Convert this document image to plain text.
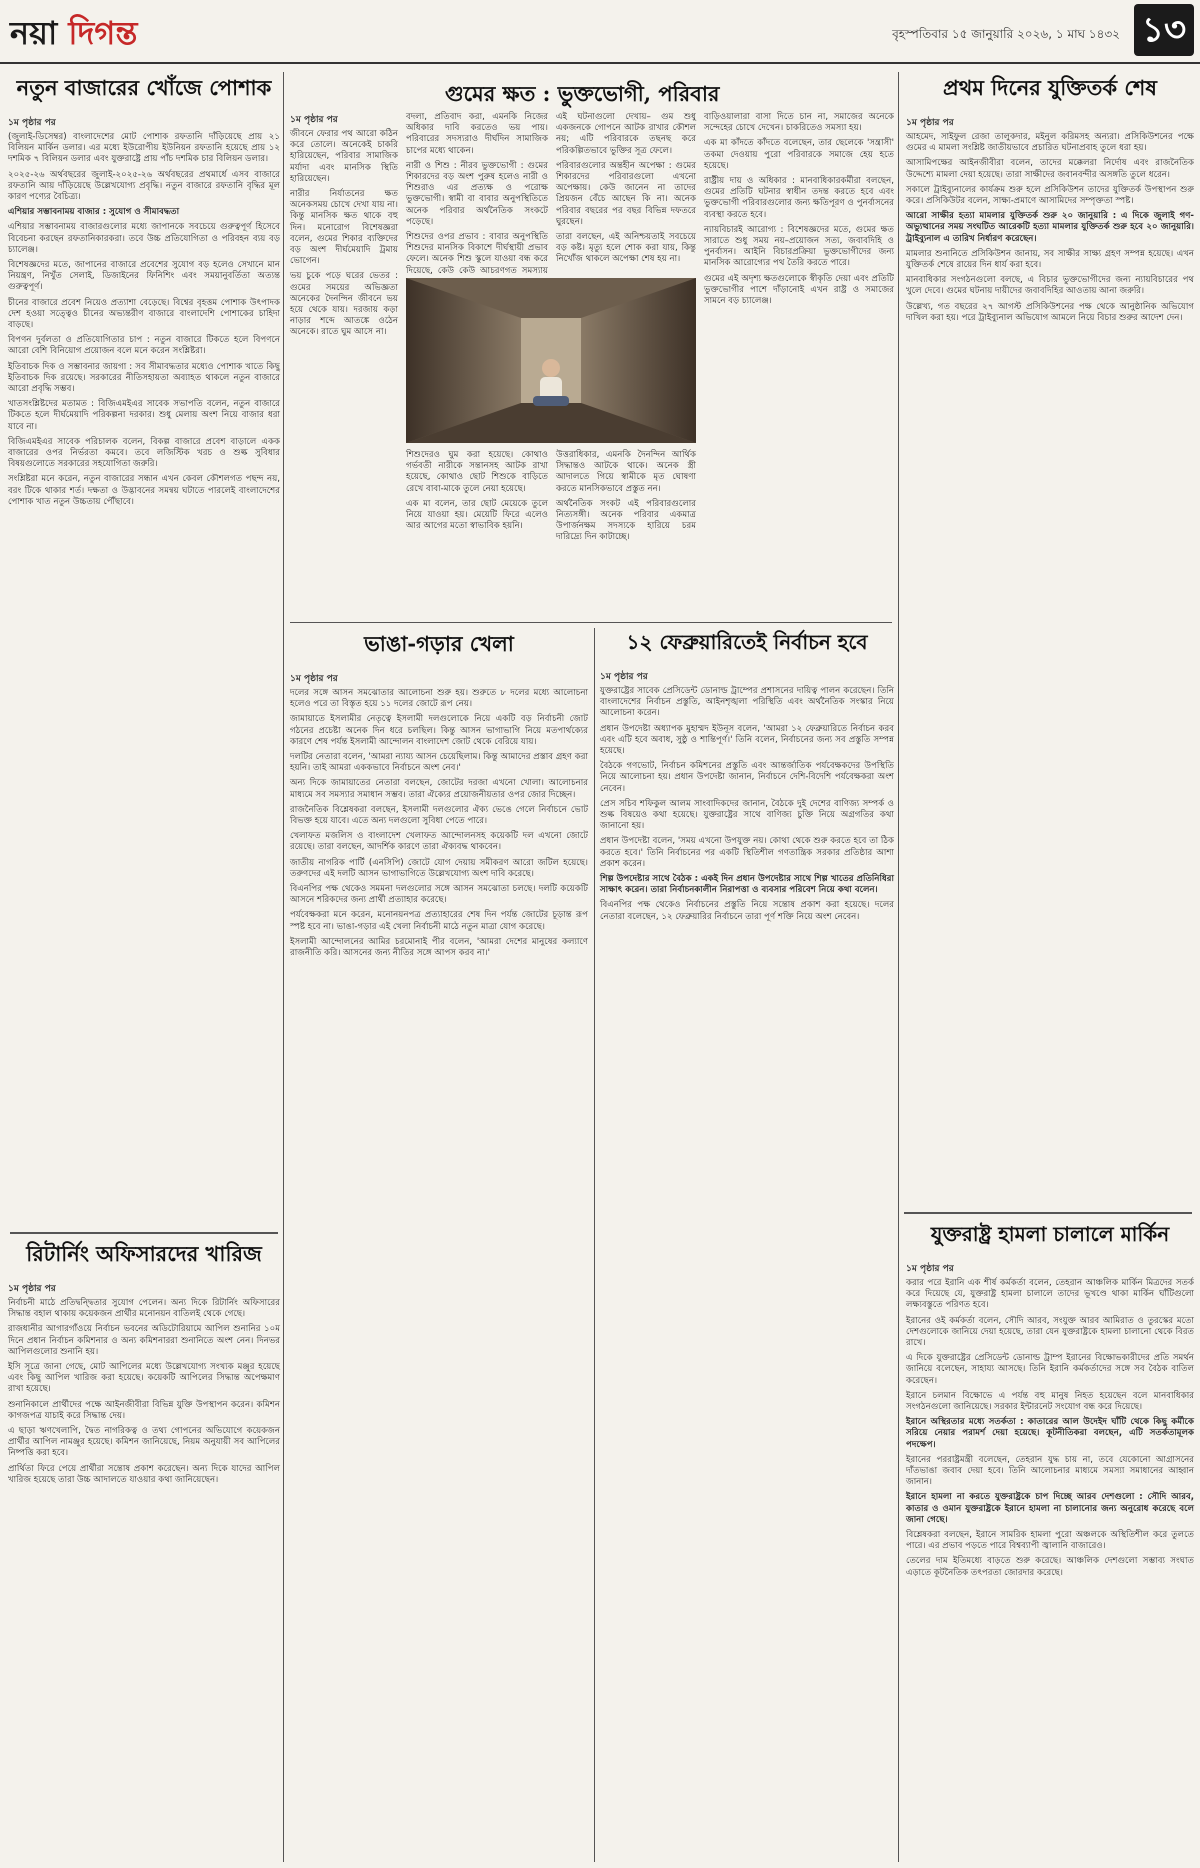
নয়া দিগন্ত	বৃহস্পতিবার ১৫ জানুয়ারি ২০২৬, ১ মাঘ ১৪৩২ ১৩
নতুন বাজারের খোঁজে পোশাক
১ম পৃষ্ঠার পর

(জুলাই-ডিসেম্বর) বাংলাদেশের মোট পোশাক রফতানি দাঁড়িয়েছে প্রায় ২১ বিলিয়ন মার্কিন ডলার। এর মধ্যে ইউরোপীয় ইউনিয়ন রফতানি হয়েছে প্রায় ১২ দশমিক ৭ বিলিয়ন ডলার এবং যুক্তরাষ্ট্রে প্রায় পাঁচ দশমিক চার বিলিয়ন ডলার।

২০২৫-২৬ অর্থবছরের জুলাই-২০২৫-২৬ অর্থবছরের প্রথমার্ধে এসব বাজারে রফতানি আয় দাঁড়িয়েছে উল্লেখযোগ্য প্রবৃদ্ধি। নতুন বাজারে রফতানি বৃদ্ধির মূল কারণ পণ্যের বৈচিত্র্য।

এশিয়ার সম্ভাবনাময় বাজার : সুযোগ ও সীমাবদ্ধতা

এশিয়ার সম্ভাবনাময় বাজারগুলোর মধ্যে জাপানকে সবচেয়ে গুরুত্বপূর্ণ হিসেবে বিবেচনা করছেন রফতানিকারকরা। তবে উচ্চ প্রতিযোগিতা ও পরিবহন ব্যয় বড় চ্যালেঞ্জ।

বিশেষজ্ঞদের মতে, জাপানের বাজারে প্রবেশের সুযোগ বড় হলেও সেখানে মান নিয়ন্ত্রণ, নিখুঁত সেলাই, ডিজাইনের ফিনিশিং এবং সময়ানুবর্তিতা অত্যন্ত গুরুত্বপূর্ণ।

চীনের বাজারে প্রবেশ নিয়েও প্রত্যাশা বেড়েছে। বিশ্বের বৃহত্তম পোশাক উৎপাদক দেশ হওয়া সত্ত্বেও চীনের অভ্যন্তরীণ বাজারে বাংলাদেশি পোশাকের চাহিদা বাড়ছে।

বিপণন দুর্বলতা ও প্রতিযোগিতার চাপ : নতুন বাজারে টিকতে হলে বিপণনে আরো বেশি বিনিয়োগ প্রয়োজন বলে মনে করেন সংশ্লিষ্টরা।

ইতিবাচক দিক ও সম্ভাবনার জায়গা : সব সীমাবদ্ধতার মধ্যেও পোশাক খাতে কিছু ইতিবাচক দিক রয়েছে। সরকারের নীতিসহায়তা অব্যাহত থাকলে নতুন বাজারে আরো প্রবৃদ্ধি সম্ভব।

খাতসংশ্লিষ্টদের মতামত : বিজিএমইএর সাবেক সভাপতি বলেন, নতুন বাজারে টিকতে হলে দীর্ঘমেয়াদি পরিকল্পনা দরকার। শুধু মেলায় অংশ নিয়ে বাজার ধরা যাবে না।

বিজিএমইএর সাবেক পরিচালক বলেন, বিকল্প বাজারে প্রবেশ বাড়ালে একক বাজারের ওপর নির্ভরতা কমবে। তবে লজিস্টিক খরচ ও শুল্ক সুবিধার বিষয়গুলোতে সরকারের সহযোগিতা জরুরি।

সংশ্লিষ্টরা মনে করেন, নতুন বাজারের সন্ধান এখন কেবল কৌশলগত পছন্দ নয়, বরং টিকে থাকার শর্ত। দক্ষতা ও উদ্ভাবনের সমন্বয় ঘটাতে পারলেই বাংলাদেশের পোশাক খাত নতুন উচ্চতায় পৌঁছাবে।

রিটার্নিং অফিসারদের খারিজ
১ম পৃষ্ঠার পর

নির্বাচনী মাঠে প্রতিদ্বন্দ্বিতার সুযোগ পেলেন। অন্য দিকে রিটার্নিং অফিসারের সিদ্ধান্ত বহাল থাকায় কয়েকজন প্রার্থীর মনোনয়ন বাতিলই থেকে গেছে।

রাজধানীর আগারগাঁওয়ে নির্বাচন ভবনের অডিটোরিয়ামে আপিল শুনানির ১০ম দিনে প্রধান নির্বাচন কমিশনার ও অন্য কমিশনাররা শুনানিতে অংশ নেন। দিনভর আপিলগুলোর শুনানি হয়।

ইসি সূত্রে জানা গেছে, মোট আপিলের মধ্যে উল্লেখযোগ্য সংখ্যক মঞ্জুর হয়েছে এবং কিছু আপিল খারিজ করা হয়েছে। কয়েকটি আপিলের সিদ্ধান্ত অপেক্ষমাণ রাখা হয়েছে।

শুনানিকালে প্রার্থীদের পক্ষে আইনজীবীরা বিভিন্ন যুক্তি উপস্থাপন করেন। কমিশন কাগজপত্র যাচাই করে সিদ্ধান্ত দেয়।

এ ছাড়া ঋণখেলাপি, দ্বৈত নাগরিকত্ব ও তথ্য গোপনের অভিযোগে কয়েকজন প্রার্থীর আপিল নামঞ্জুর হয়েছে। কমিশন জানিয়েছে, নিয়ম অনুযায়ী সব আপিলের নিষ্পত্তি করা হবে।

প্রার্থিতা ফিরে পেয়ে প্রার্থীরা সন্তোষ প্রকাশ করেছেন। অন্য দিকে যাদের আপিল খারিজ হয়েছে তারা উচ্চ আদালতে যাওয়ার কথা জানিয়েছেন।

গুমের ক্ষত : ভুক্তভোগী, পরিবার
১ম পৃষ্ঠার পর

জীবনে ফেরার পথ আরো কঠিন করে তোলে। অনেকেই চাকরি হারিয়েছেন, পরিবার সামাজিক মর্যাদা এবং মানসিক স্থিতি হারিয়েছেন।

নারীর নির্যাতনের ক্ষত অনেকসময় চোখে দেখা যায় না। কিন্তু মানসিক ক্ষত থাকে বহু দিন। মনোরোগ বিশেষজ্ঞরা বলেন, গুমের শিকার ব্যক্তিদের বড় অংশ দীর্ঘমেয়াদি ট্রমায় ভোগেন।

ভয় চুকে পড়ে ঘরের ভেতর : গুমের সময়ের অভিজ্ঞতা অনেকের দৈনন্দিন জীবনে ভয় হয়ে থেকে যায়। দরজায় কড়া নাড়ার শব্দে আতঙ্কে ওঠেন অনেকে। রাতে ঘুম আসে না।

বদলা, প্রতিবাদ করা, এমনকি নিজের অধিকার দাবি করতেও ভয় পায়। পরিবারের সদস্যরাও দীর্ঘদিন সামাজিক চাপের মধ্যে থাকেন।

নারী ও শিশু : নীরব ভুক্তভোগী : গুমের শিকারদের বড় অংশ পুরুষ হলেও নারী ও শিশুরাও এর প্রত্যক্ষ ও পরোক্ষ ভুক্তভোগী। স্বামী বা বাবার অনুপস্থিতিতে অনেক পরিবার অর্থনৈতিক সংকটে পড়েছে।

শিশুদের ওপর প্রভাব : বাবার অনুপস্থিতি শিশুদের মানসিক বিকাশে দীর্ঘস্থায়ী প্রভাব ফেলে। অনেক শিশু স্কুলে যাওয়া বন্ধ করে দিয়েছে, কেউ কেউ আচরণগত সমস্যায়

এই ঘটনাগুলো দেখায়– গুম শুধু একজনকে গোপনে আটক রাখার কৌশল নয়; এটি পরিবারকে তছনছ করে পরিকল্পিতভাবে ভুক্তির সূত্র ফেলে।

পরিবারগুলোর অন্তহীন অপেক্ষা : গুমের শিকারদের পরিবারগুলো এখনো অপেক্ষায়। কেউ জানেন না তাদের প্রিয়জন বেঁচে আছেন কি না। অনেক পরিবার বছরের পর বছর বিভিন্ন দফতরে ঘুরছেন।

তারা বলছেন, এই অনিশ্চয়তাই সবচেয়ে বড় কষ্ট। মৃত্যু হলে শোক করা যায়, কিন্তু নিখোঁজ থাকলে অপেক্ষা শেষ হয় না।

বাড়িওয়ালারা বাসা দিতে চান না, সমাজের অনেকে সন্দেহের চোখে দেখেন। চাকরিতেও সমস্যা হয়।

এক মা কাঁদতে কাঁদতে বলেছেন, তার ছেলেকে 'সন্ত্রাসী' তকমা দেওয়ায় পুরো পরিবারকে সমাজে হেয় হতে হয়েছে।

রাষ্ট্রীয় দায় ও অধিকার : মানবাধিকারকর্মীরা বলছেন, গুমের প্রতিটি ঘটনার স্বাধীন তদন্ত করতে হবে এবং ভুক্তভোগী পরিবারগুলোর জন্য ক্ষতিপূরণ ও পুনর্বাসনের ব্যবস্থা করতে হবে।

ন্যায়বিচারই আরোগ্য : বিশেষজ্ঞদের মতে, গুমের ক্ষত সারাতে শুধু সময় নয়–প্রয়োজন সত্য, জবাবদিহি ও পুনর্বাসন। আইনি বিচারপ্রক্রিয়া ভুক্তভোগীদের জন্য মানসিক আরোগ্যের পথ তৈরি করতে পারে।

গুমের এই অদৃশ্য ক্ষতগুলোকে স্বীকৃতি দেয়া এবং প্রতিটি ভুক্তভোগীর পাশে দাঁড়ানোই এখন রাষ্ট্র ও সমাজের সামনে বড় চ্যালেঞ্জ।

শিশুদেরও ঘুম করা হয়েছে। কোথাও গর্ভবতী নারীকে সন্তানসহ আটক রাখা হয়েছে, কোথাও ছোট শিশুকে বাড়িতে রেখে বাবা-মাকে তুলে নেয়া হয়েছে।

এক মা বলেন, তার ছোট মেয়েকে তুলে নিয়ে যাওয়া হয়। মেয়েটি ফিরে এলেও আর আগের মতো স্বাভাবিক হয়নি।

উত্তরাধিকার, এমনকি দৈনন্দিন আর্থিক সিদ্ধান্তও আটকে থাকে। অনেক স্ত্রী আদালতে গিয়ে স্বামীকে মৃত ঘোষণা করতে মানসিকভাবে প্রস্তুত নন।

অর্থনৈতিক সংকট এই পরিবারগুলোর নিত্যসঙ্গী। অনেক পরিবার একমাত্র উপার্জনক্ষম সদস্যকে হারিয়ে চরম দারিদ্র্যে দিন কাটাচ্ছে।

ভাঙা-গড়ার খেলা
১ম পৃষ্ঠার পর

দলের সঙ্গে আসন সমঝোতার আলোচনা শুরু হয়। শুরুতে ৮ দলের মধ্যে আলোচনা হলেও পরে তা বিস্তৃত হয়ে ১১ দলের জোটে রূপ নেয়।

জামায়াতে ইসলামীর নেতৃত্বে ইসলামী দলগুলোকে নিয়ে একটি বড় নির্বাচনী জোট গঠনের প্রচেষ্টা অনেক দিন ধরে চলছিল। কিন্তু আসন ভাগাভাগি নিয়ে মতপার্থক্যের কারণে শেষ পর্যন্ত ইসলামী আন্দোলন বাংলাদেশ জোট থেকে বেরিয়ে যায়।

দলটির নেতারা বলেন, 'আমরা ন্যায্য আসন চেয়েছিলাম। কিন্তু আমাদের প্রস্তাব গ্রহণ করা হয়নি। তাই আমরা এককভাবে নির্বাচনে অংশ নেব।'

অন্য দিকে জামায়াতের নেতারা বলছেন, জোটের দরজা এখনো খোলা। আলোচনার মাধ্যমে সব সমস্যার সমাধান সম্ভব। তারা ঐক্যের প্রয়োজনীয়তার ওপর জোর দিচ্ছেন।

রাজনৈতিক বিশ্লেষকরা বলছেন, ইসলামী দলগুলোর ঐক্য ভেঙে গেলে নির্বাচনে ভোট বিভক্ত হয়ে যাবে। এতে অন্য দলগুলো সুবিধা পেতে পারে।

খেলাফত মজলিস ও বাংলাদেশ খেলাফত আন্দোলনসহ কয়েকটি দল এখনো জোটে রয়েছে। তারা বলছেন, আদর্শিক কারণে তারা ঐক্যবদ্ধ থাকবেন।

জাতীয় নাগরিক পার্টি (এনসিপি) জোটে যোগ দেয়ায় সমীকরণ আরো জটিল হয়েছে। তরুণদের এই দলটি আসন ভাগাভাগিতে উল্লেখযোগ্য অংশ দাবি করেছে।

বিএনপির পক্ষ থেকেও সমমনা দলগুলোর সঙ্গে আসন সমঝোতা চলছে। দলটি কয়েকটি আসনে শরিকদের জন্য প্রার্থী প্রত্যাহার করেছে।

পর্যবেক্ষকরা মনে করেন, মনোনয়নপত্র প্রত্যাহারের শেষ দিন পর্যন্ত জোটের চূড়ান্ত রূপ স্পষ্ট হবে না। ভাঙা-গড়ার এই খেলা নির্বাচনী মাঠে নতুন মাত্রা যোগ করেছে।

ইসলামী আন্দোলনের আমির চরমোনাই পীর বলেন, 'আমরা দেশের মানুষের কল্যাণে রাজনীতি করি। আসনের জন্য নীতির সঙ্গে আপস করব না।'

১২ ফেব্রুয়ারিতেই নির্বাচন হবে
১ম পৃষ্ঠার পর

যুক্তরাষ্ট্রের সাবেক প্রেসিডেন্ট ডোনাল্ড ট্রাম্পের প্রশাসনের দায়িত্ব পালন করেছেন। তিনি বাংলাদেশের নির্বাচন প্রস্তুতি, আইনশৃঙ্খলা পরিস্থিতি এবং অর্থনৈতিক সংস্কার নিয়ে আলোচনা করেন।

প্রধান উপদেষ্টা অধ্যাপক মুহাম্মদ ইউনূস বলেন, 'আমরা ১২ ফেব্রুয়ারিতে নির্বাচন করব এবং এটি হবে অবাধ, সুষ্ঠু ও শান্তিপূর্ণ।' তিনি বলেন, নির্বাচনের জন্য সব প্রস্তুতি সম্পন্ন হয়েছে।

বৈঠকে গণভোট, নির্বাচন কমিশনের প্রস্তুতি এবং আন্তর্জাতিক পর্যবেক্ষকদের উপস্থিতি নিয়ে আলোচনা হয়। প্রধান উপদেষ্টা জানান, নির্বাচনে দেশি-বিদেশি পর্যবেক্ষকরা অংশ নেবেন।

প্রেস সচিব শফিকুল আলম সাংবাদিকদের জানান, বৈঠকে দুই দেশের বাণিজ্য সম্পর্ক ও শুল্ক বিষয়েও কথা হয়েছে। যুক্তরাষ্ট্রের সাথে বাণিজ্য চুক্তি নিয়ে অগ্রগতির কথা জানানো হয়।

প্রধান উপদেষ্টা বলেন, 'সময় এখনো উপযুক্ত নয়। কোথা থেকে শুরু করতে হবে তা ঠিক করতে হবে।' তিনি নির্বাচনের পর একটি স্থিতিশীল গণতান্ত্রিক সরকার প্রতিষ্ঠার আশা প্রকাশ করেন।

শিল্প উপদেষ্টার সাথে বৈঠক : একই দিন প্রধান উপদেষ্টার সাথে শিল্প খাতের প্রতিনিধিরা সাক্ষাৎ করেন। তারা নির্বাচনকালীন নিরাপত্তা ও ব্যবসার পরিবেশ নিয়ে কথা বলেন।

বিএনপির পক্ষ থেকেও নির্বাচনের প্রস্তুতি নিয়ে সন্তোষ প্রকাশ করা হয়েছে। দলের নেতারা বলেছেন, ১২ ফেব্রুয়ারির নির্বাচনে তারা পূর্ণ শক্তি নিয়ে অংশ নেবেন।

প্রথম দিনের যুক্তিতর্ক শেষ
১ম পৃষ্ঠার পর

আহমেদ, সাইফুল রেজা তালুকদার, মইনুল করিমসহ অন্যরা। প্রসিকিউশনের পক্ষে গুমের এ মামলা সংশ্লিষ্ট জাতীয়ভাবে প্রচারিত ঘটনাপ্রবাহ তুলে ধরা হয়।

আসামিপক্ষের আইনজীবীরা বলেন, তাদের মক্কেলরা নির্দোষ এবং রাজনৈতিক উদ্দেশ্যে মামলা দেয়া হয়েছে। তারা সাক্ষীদের জবানবন্দীর অসঙ্গতি তুলে ধরেন।

সকালে ট্রাইব্যুনালের কার্যক্রম শুরু হলে প্রসিকিউশন তাদের যুক্তিতর্ক উপস্থাপন শুরু করে। প্রসিকিউটর বলেন, সাক্ষ্য-প্রমাণে আসামিদের সম্পৃক্ততা স্পষ্ট।

আরো সাক্ষীর হত্যা মামলার যুক্তিতর্ক শুরু ২০ জানুয়ারি : এ দিকে জুলাই গণ-অভ্যুত্থানের সময় সংঘটিত আরেকটি হত্যা মামলার যুক্তিতর্ক শুরু হবে ২০ জানুয়ারি। ট্রাইব্যুনাল এ তারিখ নির্ধারণ করেছেন।

মামলার শুনানিতে প্রসিকিউশন জানায়, সব সাক্ষীর সাক্ষ্য গ্রহণ সম্পন্ন হয়েছে। এখন যুক্তিতর্ক শেষে রায়ের দিন ধার্য করা হবে।

মানবাধিকার সংগঠনগুলো বলছে, এ বিচার ভুক্তভোগীদের জন্য ন্যায়বিচারের পথ খুলে দেবে। গুমের ঘটনায় দায়ীদের জবাবদিহির আওতায় আনা জরুরি।

উল্লেখ্য, গত বছরের ২৭ আগস্ট প্রসিকিউশনের পক্ষ থেকে আনুষ্ঠানিক অভিযোগ দাখিল করা হয়। পরে ট্রাইব্যুনাল অভিযোগ আমলে নিয়ে বিচার শুরুর আদেশ দেন।

যুক্তরাষ্ট্র হামলা চালালে মার্কিন
১ম পৃষ্ঠার পর

করার পরে ইরানি এক শীর্ষ কর্মকর্তা বলেন, তেহরান আঞ্চলিক মার্কিন মিত্রদের সতর্ক করে দিয়েছে যে, যুক্তরাষ্ট্র হামলা চালালে তাদের ভূখণ্ডে থাকা মার্কিন ঘাঁটিগুলো লক্ষ্যবস্তুতে পরিণত হবে।

ইরানের ওই কর্মকর্তা বলেন, সৌদি আরব, সংযুক্ত আরব আমিরাত ও তুরস্কের মতো দেশগুলোকে জানিয়ে দেয়া হয়েছে, তারা যেন যুক্তরাষ্ট্রকে হামলা চালানো থেকে বিরত রাখে।

এ দিকে যুক্তরাষ্ট্রের প্রেসিডেন্ট ডোনাল্ড ট্রাম্প ইরানের বিক্ষোভকারীদের প্রতি সমর্থন জানিয়ে বলেছেন, সাহায্য আসছে। তিনি ইরানি কর্মকর্তাদের সঙ্গে সব বৈঠক বাতিল করেছেন।

ইরানে চলমান বিক্ষোভে এ পর্যন্ত বহু মানুষ নিহত হয়েছেন বলে মানবাধিকার সংগঠনগুলো জানিয়েছে। সরকার ইন্টারনেট সংযোগ বন্ধ করে দিয়েছে।

ইরানে অস্থিরতার মধ্যে সতর্কতা : কাতারের আল উদেইদ ঘাঁটি থেকে কিছু কর্মীকে সরিয়ে নেয়ার পরামর্শ দেয়া হয়েছে। কূটনীতিকরা বলছেন, এটি সতর্কতামূলক পদক্ষেপ।

ইরানের পররাষ্ট্রমন্ত্রী বলেছেন, তেহরান যুদ্ধ চায় না, তবে যেকোনো আগ্রাসনের দাঁতভাঙা জবাব দেয়া হবে। তিনি আলোচনার মাধ্যমে সমস্যা সমাধানের আহ্বান জানান।

ইরানে হামলা না করতে যুক্তরাষ্ট্রকে চাপ দিচ্ছে আরব দেশগুলো : সৌদি আরব, কাতার ও ওমান যুক্তরাষ্ট্রকে ইরানে হামলা না চালানোর জন্য অনুরোধ করেছে বলে জানা গেছে।

বিশ্লেষকরা বলছেন, ইরানে সামরিক হামলা পুরো অঞ্চলকে অস্থিতিশীল করে তুলতে পারে। এর প্রভাব পড়তে পারে বিশ্বব্যাপী জ্বালানি বাজারেও।

তেলের দাম ইতিমধ্যে বাড়তে শুরু করেছে। আঞ্চলিক দেশগুলো সম্ভাব্য সংঘাত এড়াতে কূটনৈতিক তৎপরতা জোরদার করেছে।
